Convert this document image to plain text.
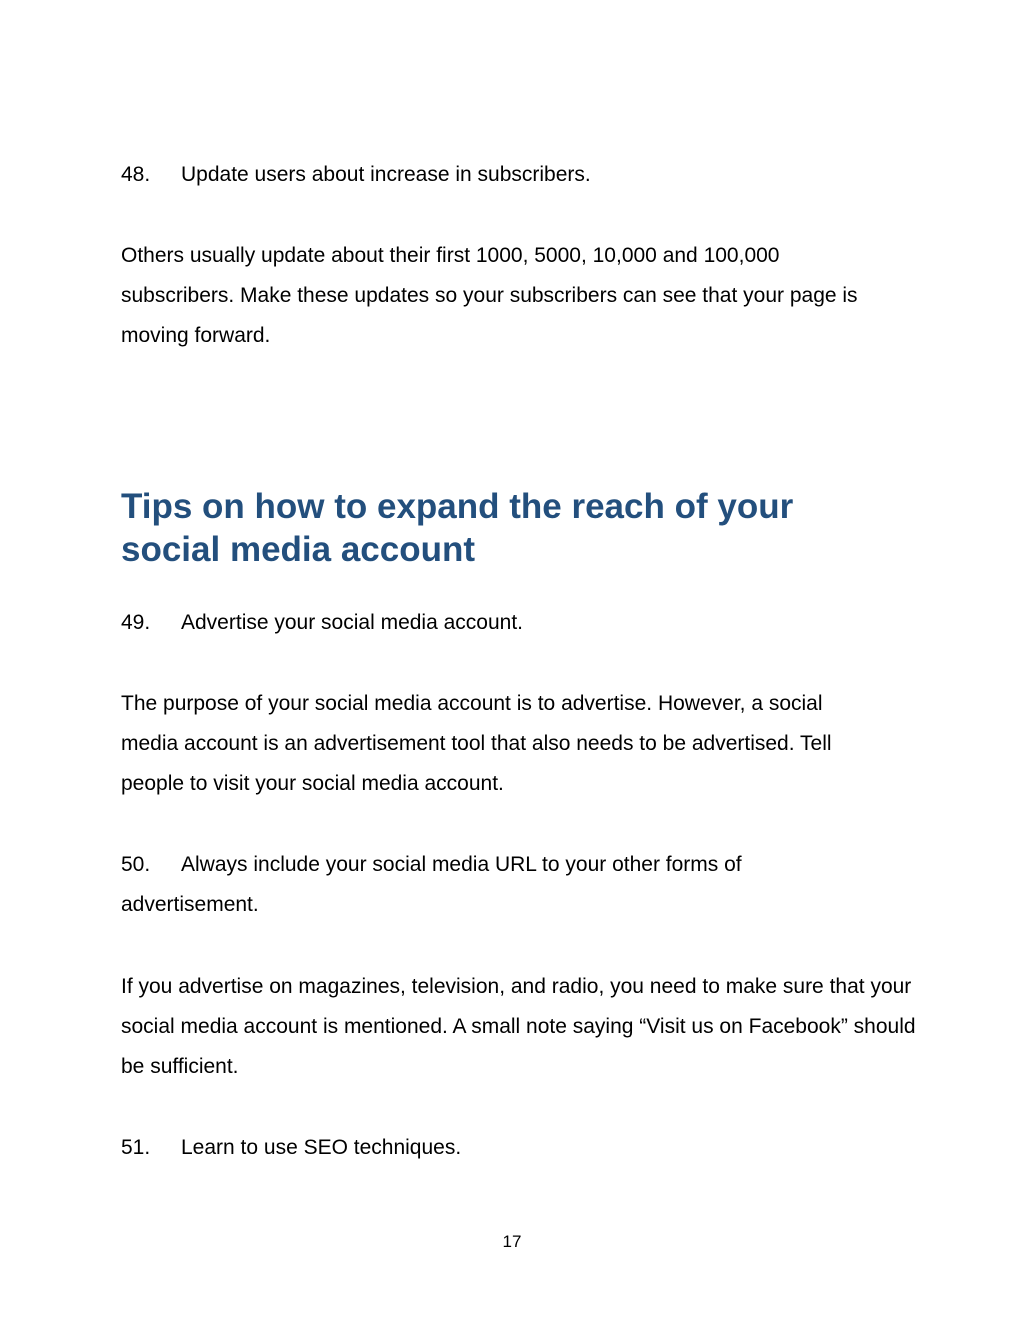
48. Update users about increase in subscribers.

Others usually update about their first 1000, 5000, 10,000 and 100,000 subscribers. Make these updates so your subscribers can see that your page is moving forward.

Tips on how to expand the reach of your social media account

49. Advertise your social media account.

The purpose of your social media account is to advertise. However, a social media account is an advertisement tool that also needs to be advertised. Tell people to visit your social media account.

50. Always include your social media URL to your other forms of advertisement.

If you advertise on magazines, television, and radio, you need to make sure that your social media account is mentioned. A small note saying “Visit us on Facebook” should be sufficient.

51. Learn to use SEO techniques.

17
